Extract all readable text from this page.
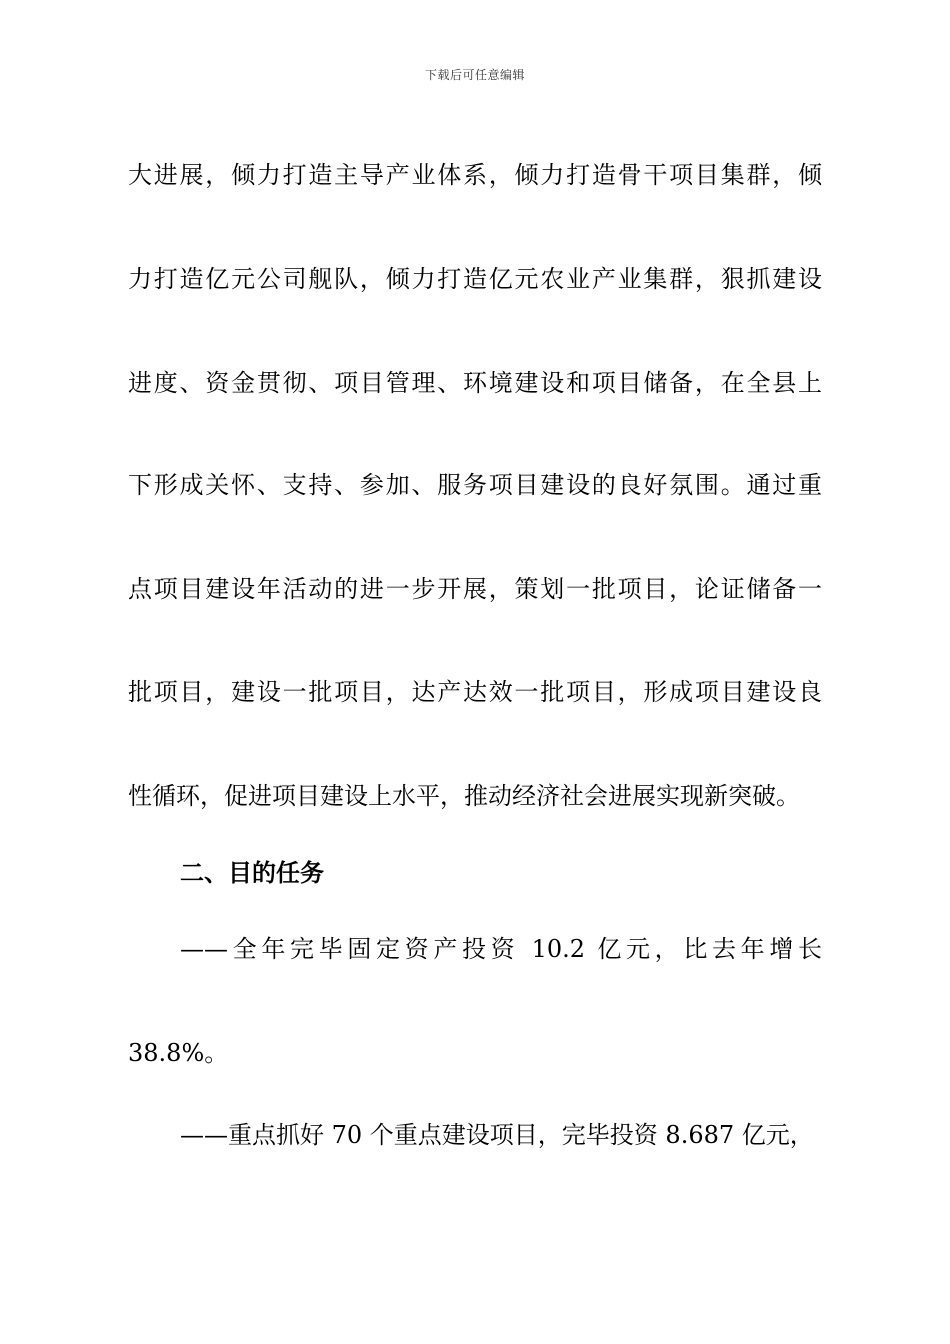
下载后可任意编辑
大进展，倾力打造主导产业体系，倾力打造骨干项目集群，倾
力打造亿元公司舰队，倾力打造亿元农业产业集群，狠抓建设
进度、资金贯彻、项目管理、环境建设和项目储备，在全县上
下形成关怀、支持、参加、服务项目建设的良好氛围。通过重
点项目建设年活动的进一步开展，策划一批项目，论证储备一
批项目，建设一批项目，达产达效一批项目，形成项目建设良
性循环，促进项目建设上水平，推动经济社会进展实现新突破。
二、目的任务
——全年完毕固定资产投资 10.2 亿元，比去年增长
38.8%。
——重点抓好 70 个重点建设项目，完毕投资 8.687 亿元，
